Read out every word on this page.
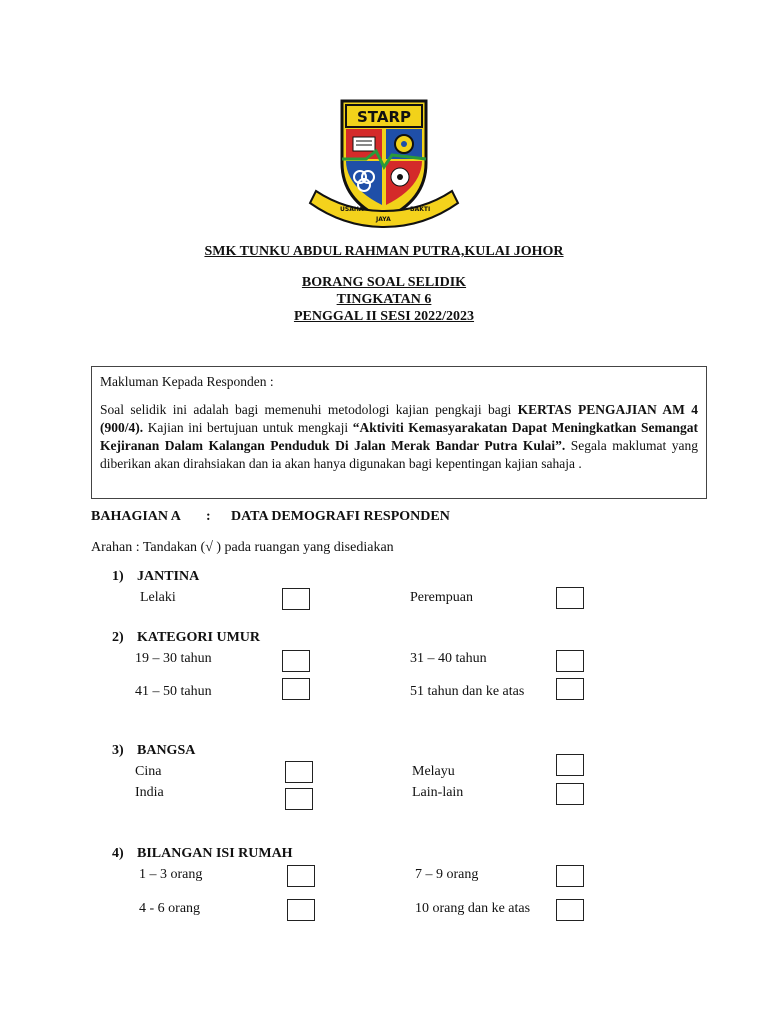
STARP
USAHA
JAYA
BAKTI
SMK TUNKU ABDUL RAHMAN PUTRA,KULAI JOHOR
BORANG SOAL SELIDIK
TINGKATAN 6
PENGGAL II SESI 2022/2023
Makluman Kepada Responden :
Soal selidik ini adalah bagi memenuhi metodologi kajian pengkaji bagi KERTAS PENGAJIAN AM 4 (900/4). Kajian ini bertujuan untuk mengkaji “Aktiviti Kemasyarakatan Dapat Meningkatkan Semangat Kejiranan Dalam Kalangan Penduduk Di Jalan Merak Bandar Putra Kulai”. Segala maklumat yang diberikan akan dirahsiakan dan ia akan hanya digunakan bagi kepentingan kajian sahaja .
BAHAGIAN A : DATA DEMOGRAFI RESPONDEN
Arahan : Tandakan (√ ) pada ruangan yang disediakan
1) JANTINA
Lelaki	Perempuan
2) KATEGORI UMUR
19 – 30 tahun	31 – 40 tahun
41 – 50 tahun	51 tahun dan ke atas
3) BANGSA
Cina	Melayu
India	Lain-lain
4) BILANGAN ISI RUMAH
1 – 3 orang	7 – 9 orang
4 - 6 orang	10 orang dan ke atas
